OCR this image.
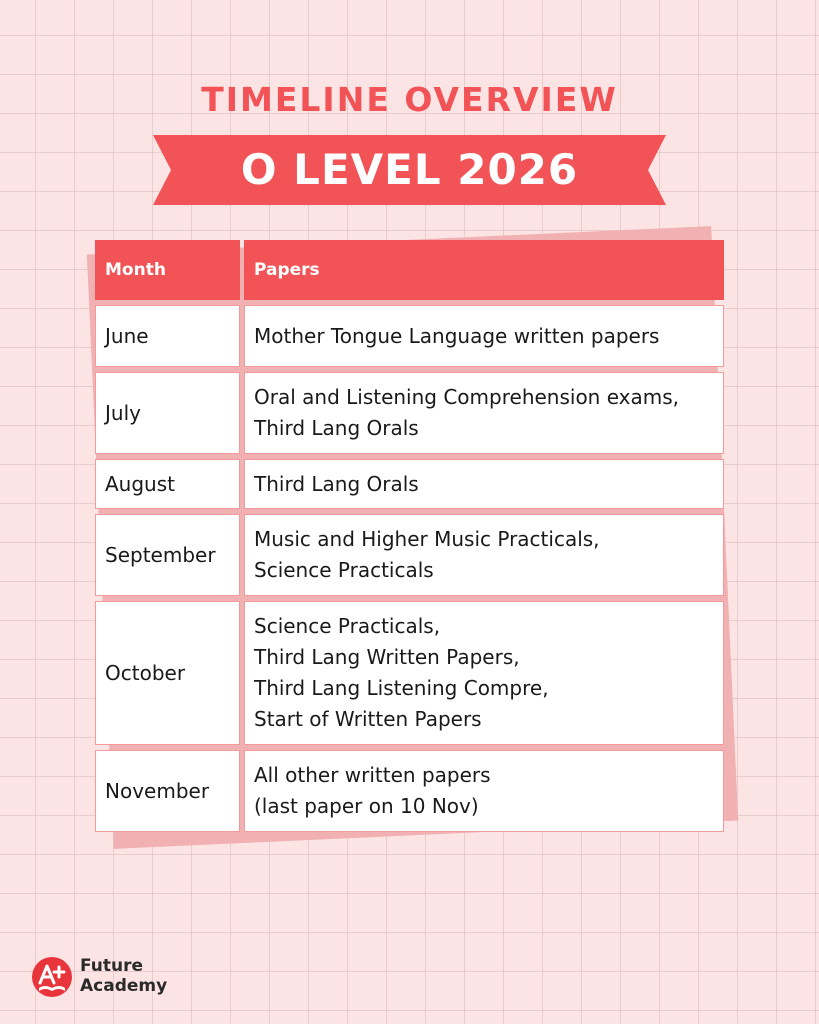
TIMELINE OVERVIEW
O LEVEL 2026
Month		Papers
June		Mother Tongue Language written papers

July		Oral and Listening Comprehension exams,
Third Lang Orals

August		Third Lang Orals

September		Music and Higher Music Practicals,
Science Practicals

October		Science Practicals,
Third Lang Written Papers,
Third Lang Listening Compre,
Start of Written Papers

November		All other written papers
(last paper on 10 Nov)
Future
Academy
